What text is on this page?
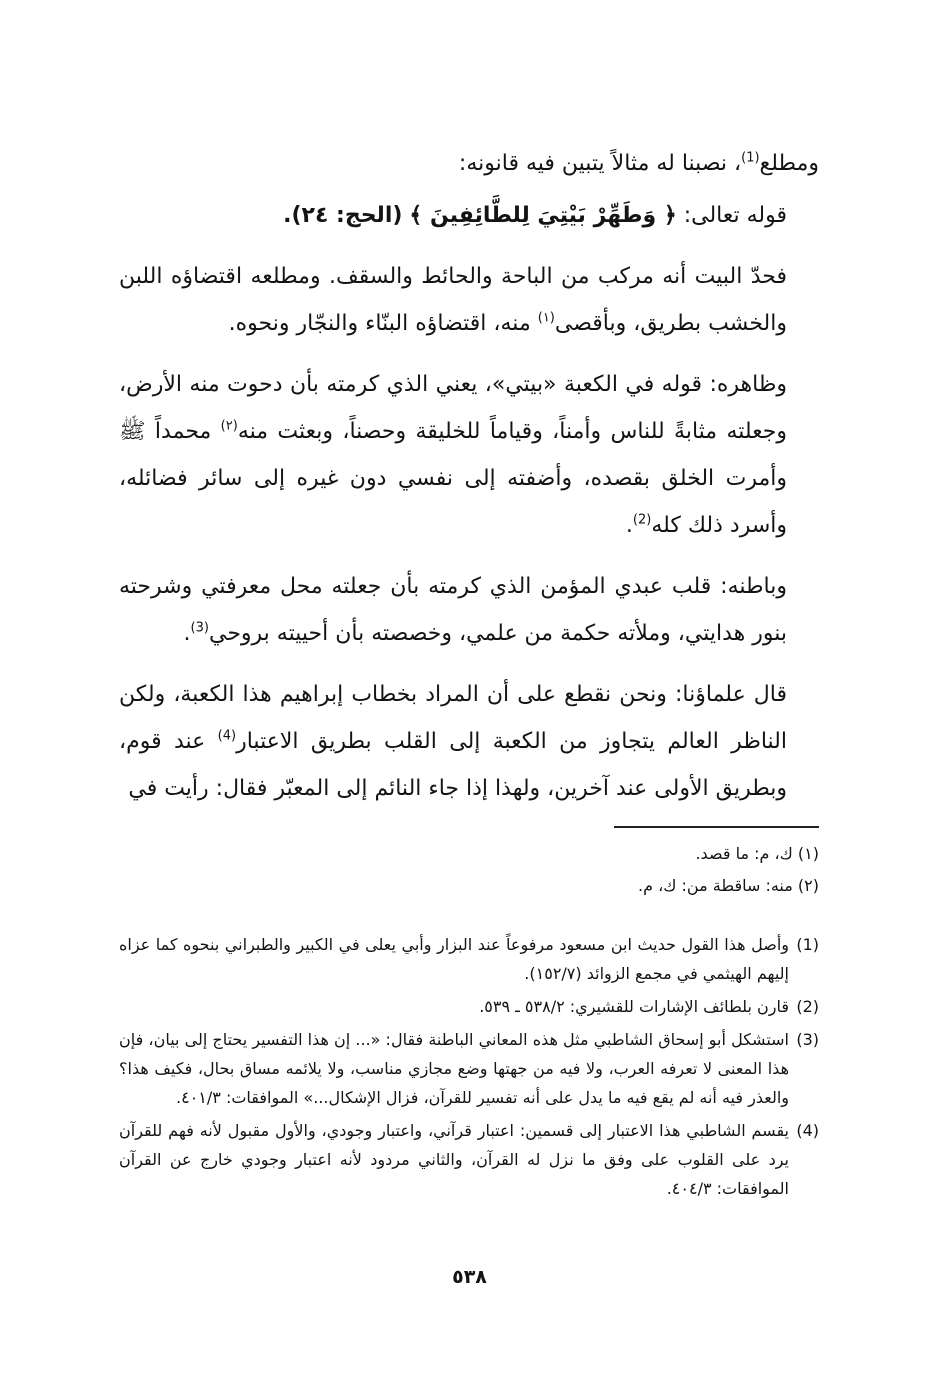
ومطلع$^{(1)}$، نصبنا له مثالاً يتبين فيه قانونه:

قوله تعالى: ﴿ وَطَهِّرْ بَيْتِيَ لِلطَّائِفِينَ ﴾ (الحج: ٢٤).

فحدّ البيت أنه مركب من الباحة والحائط والسقف. ومطلعه اقتضاؤه اللبن والخشب بطريق، وبأقصى$^{(١)}$ منه، اقتضاؤه البنّاء والنجّار ونحوه.

وظاهره: قوله في الكعبة «بيتي»، يعني الذي كرمته بأن دحوت منه الأرض، وجعلته مثابةً للناس وأمناً، وقياماً للخليقة وحصناً، وبعثت منه$^{(٢)}$ محمداً ﷺ وأمرت الخلق بقصده، وأضفته إلى نفسي دون غيره إلى سائر فضائله، وأسرد ذلك كله$^{(2)}$.

وباطنه: قلب عبدي المؤمن الذي كرمته بأن جعلته محل معرفتي وشرحته بنور هدايتي، وملأته حكمة من علمي، وخصصته بأن أحييته بروحي$^{(3)}$.

قال علماؤنا: ونحن نقطع على أن المراد بخطاب إبراهيم هذا الكعبة، ولكن الناظر العالم يتجاوز من الكعبة إلى القلب بطريق الاعتبار$^{(4)}$ عند قوم، وبطريق الأولى عند آخرين، ولهذا إذا جاء النائم إلى المعبّر فقال: رأيت في

(١) ك، م: ما قصد.

(٢) منه: ساقطة من: ك، م.

(1)
وأصل هذا القول حديث ابن مسعود مرفوعاً عند البزار وأبي يعلى في الكبير والطبراني بنحوه كما عزاه إليهم الهيثمي في مجمع الزوائد (١٥٢/٧).
(2)
قارن بلطائف الإشارات للقشيري: ٥٣٨/٢ ـ ٥٣٩.
(3)
استشكل أبو إسحاق الشاطبي مثل هذه المعاني الباطنة فقال: «... إن هذا التفسير يحتاج إلى بيان، فإن هذا المعنى لا تعرفه العرب، ولا فيه من جهتها وضع مجازي مناسب، ولا يلائمه مساق بحال، فكيف هذا؟ والعذر فيه أنه لم يقع فيه ما يدل على أنه تفسير للقرآن، فزال الإشكال...» الموافقات: ٤٠١/٣.
(4)
يقسم الشاطبي هذا الاعتبار إلى قسمين: اعتبار قرآني، واعتبار وجودي، والأول مقبول لأنه فهم للقرآن يرد على القلوب على وفق ما نزل له القرآن، والثاني مردود لأنه اعتبار وجودي خارج عن القرآن الموافقات: ٤٠٤/٣.
٥٣٨
